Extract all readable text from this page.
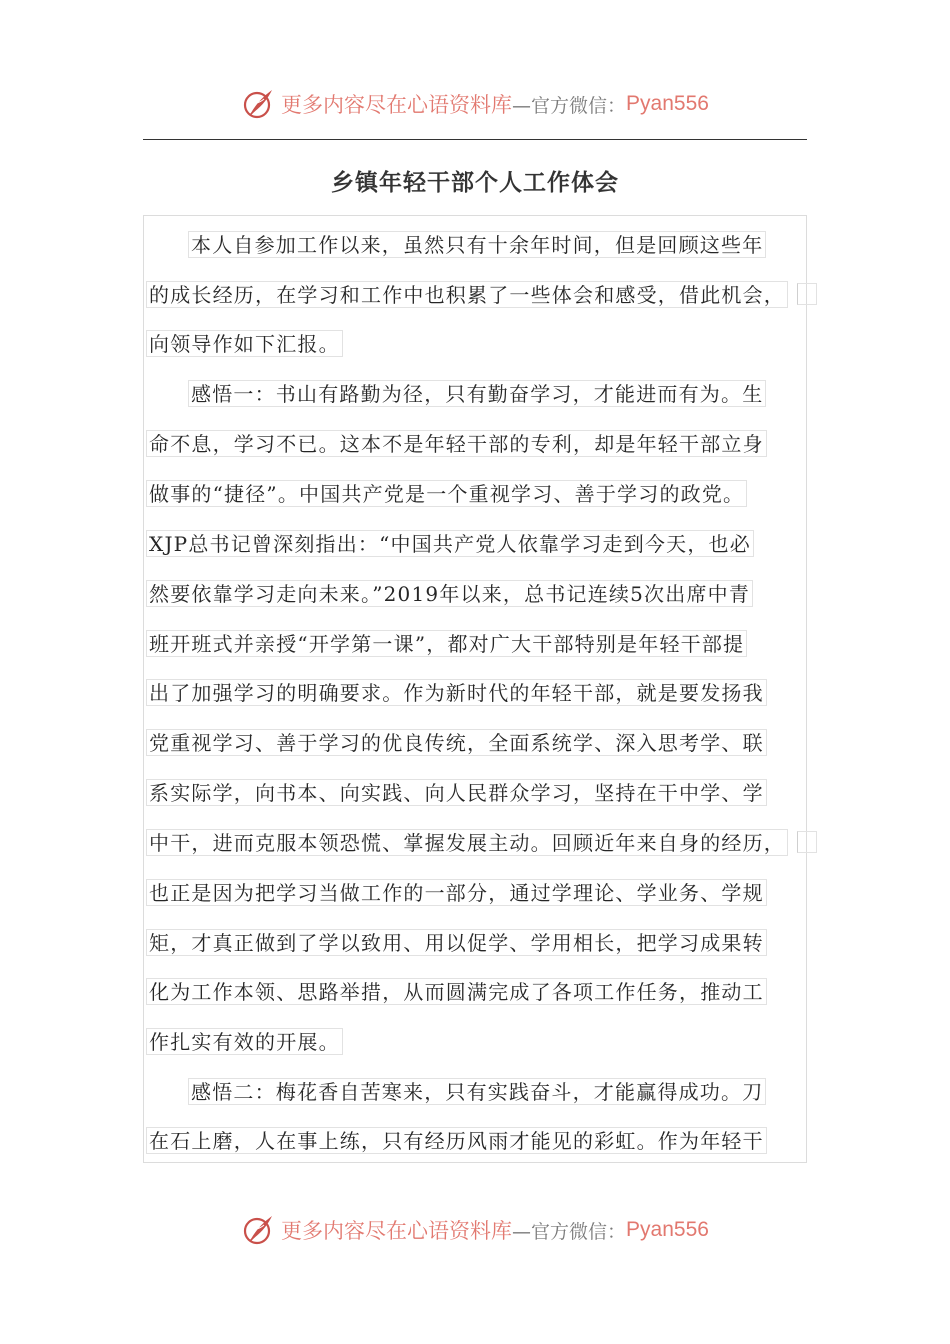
更多内容尽在心语资料库 —官方微信： Pyan556
乡镇年轻干部个人工作体会
本人自参加工作以来，虽然只有十余年时间，但是回顾这些年
的成长经历，在学习和工作中也积累了一些体会和感受，借此机会，
向领导作如下汇报。
感悟一：书山有路勤为径，只有勤奋学习，才能进而有为。生
命不息，学习不已。这本不是年轻干部的专利，却是年轻干部立身
做事的“捷径”。中国共产党是一个重视学习、善于学习的政党。
XJP总书记曾深刻指出：“中国共产党人依靠学习走到今天，也必
然要依靠学习走向未来。”2019年以来，总书记连续5次出席中青
班开班式并亲授“开学第一课”，都对广大干部特别是年轻干部提
出了加强学习的明确要求。作为新时代的年轻干部，就是要发扬我
党重视学习、善于学习的优良传统，全面系统学、深入思考学、联
系实际学，向书本、向实践、向人民群众学习，坚持在干中学、学
中干，进而克服本领恐慌、掌握发展主动。回顾近年来自身的经历，
也正是因为把学习当做工作的一部分，通过学理论、学业务、学规
矩，才真正做到了学以致用、用以促学、学用相长，把学习成果转
化为工作本领、思路举措，从而圆满完成了各项工作任务，推动工
作扎实有效的开展。
感悟二：梅花香自苦寒来，只有实践奋斗，才能赢得成功。刀
在石上磨，人在事上练，只有经历风雨才能见的彩虹。作为年轻干
更多内容尽在心语资料库 —官方微信： Pyan556
